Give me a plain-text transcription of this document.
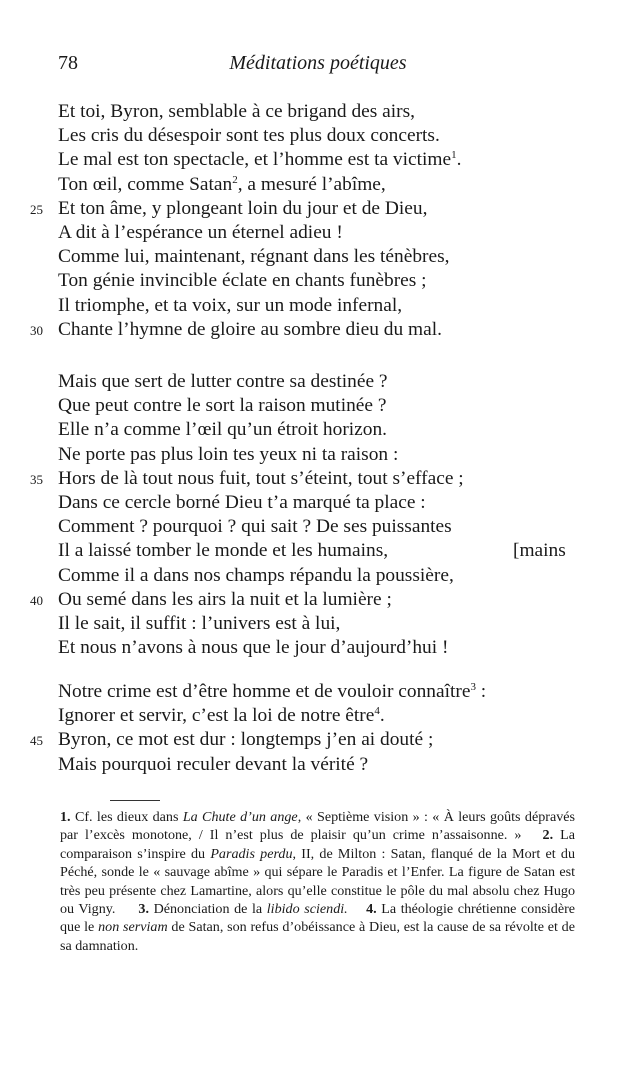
78	Méditations poétiques
Et toi, Byron, semblable à ce brigand des airs,
Les cris du désespoir sont tes plus doux concerts.
Le mal est ton spectacle, et l’homme est ta victime$^1$.
Ton œil, comme Satan$^2$, a mesuré l’abîme,
25 Et ton âme, y plongeant loin du jour et de Dieu,
A dit à l’espérance un éternel adieu !
Comme lui, maintenant, régnant dans les ténèbres,
Ton génie invincible éclate en chants funèbres ;
Il triomphe, et ta voix, sur un mode infernal,
30 Chante l’hymne de gloire au sombre dieu du mal.
Mais que sert de lutter contre sa destinée ?
Que peut contre le sort la raison mutinée ?
Elle n’a comme l’œil qu’un étroit horizon.
Ne porte pas plus loin tes yeux ni ta raison :
35 Hors de là tout nous fuit, tout s’éteint, tout s’efface ;
Dans ce cercle borné Dieu t’a marqué ta place :
Comment ? pourquoi ? qui sait ? De ses puissantes
Il a laissé tomber le monde et les humains,	[mains
Comme il a dans nos champs répandu la poussière,
40 Ou semé dans les airs la nuit et la lumière ;
Il le sait, il suffit : l’univers est à lui,
Et nous n’avons à nous que le jour d’aujourd’hui !
Notre crime est d’être homme et de vouloir connaître$^3$ :
Ignorer et servir, c’est la loi de notre être$^4$.
45 Byron, ce mot est dur : longtemps j’en ai douté ;
Mais pourquoi reculer devant la vérité ?
1. Cf. les dieux dans La Chute d’un ange, « Septième vision » : « À leurs goûts dépravés par l’excès monotone, / Il n’est plus de plaisir qu’un crime n’assaisonne. » 2. La comparaison s’inspire du Paradis perdu, II, de Milton : Satan, flanqué de la Mort et du Péché, sonde le « sauvage abîme » qui sépare le Paradis et l’Enfer. La figure de Satan est très peu présente chez Lamartine, alors qu’elle constitue le pôle du mal absolu chez Hugo ou Vigny. 3. Dénonciation de la libido sciendi. 4. La théologie chrétienne considère que le non serviam de Satan, son refus d’obéissance à Dieu, est la cause de sa révolte et de sa damnation.
